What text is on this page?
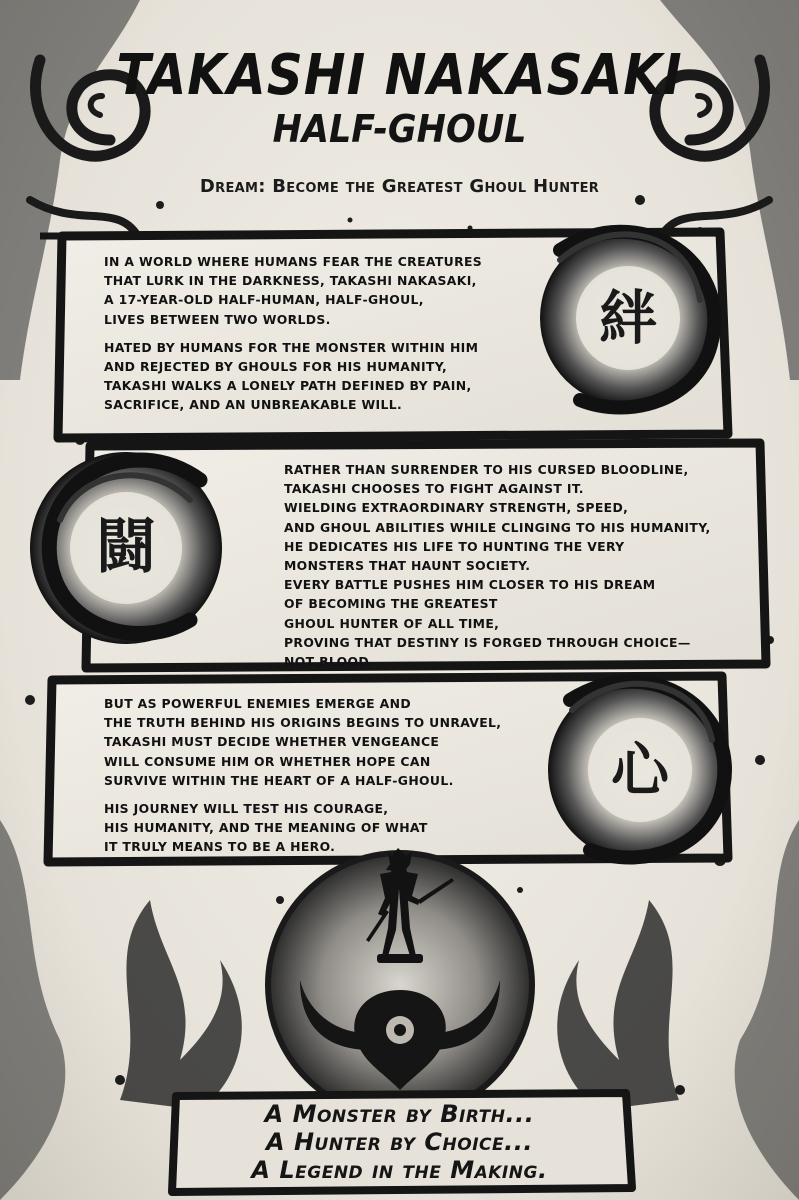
TAKASHI NAKASAKI
HALF-GHOUL
Dream: Become the Greatest Ghoul Hunter

IN A WORLD WHERE HUMANS FEAR THE CREATURES
THAT LURK IN THE DARKNESS, TAKASHI NAKASAKI,
A 17-YEAR-OLD HALF-HUMAN, HALF-GHOUL,
LIVES BETWEEN TWO WORLDS.

HATED BY HUMANS FOR THE MONSTER WITHIN HIM
AND REJECTED BY GHOULS FOR HIS HUMANITY,
TAKASHI WALKS A LONELY PATH DEFINED BY PAIN,
SACRIFICE, AND AN UNBREAKABLE WILL.

絆

RATHER THAN SURRENDER TO HIS CURSED BLOODLINE,
TAKASHI CHOOSES TO FIGHT AGAINST IT.
WIELDING EXTRAORDINARY STRENGTH, SPEED,
AND GHOUL ABILITIES WHILE CLINGING TO HIS HUMANITY,
HE DEDICATES HIS LIFE TO HUNTING THE VERY
MONSTERS THAT HAUNT SOCIETY.
EVERY BATTLE PUSHES HIM CLOSER TO HIS DREAM
OF BECOMING THE GREATEST
GHOUL HUNTER OF ALL TIME,
PROVING THAT DESTINY IS FORGED THROUGH CHOICE—
NOT BLOOD.

闘

BUT AS POWERFUL ENEMIES EMERGE AND
THE TRUTH BEHIND HIS ORIGINS BEGINS TO UNRAVEL,
TAKASHI MUST DECIDE WHETHER VENGEANCE
WILL CONSUME HIM OR WHETHER HOPE CAN
SURVIVE WITHIN THE HEART OF A HALF-GHOUL.

HIS JOURNEY WILL TEST HIS COURAGE,
HIS HUMANITY, AND THE MEANING OF WHAT
IT TRULY MEANS TO BE A HERO.

心
A Monster by Birth...
A Hunter by Choice...
A Legend in the Making.
